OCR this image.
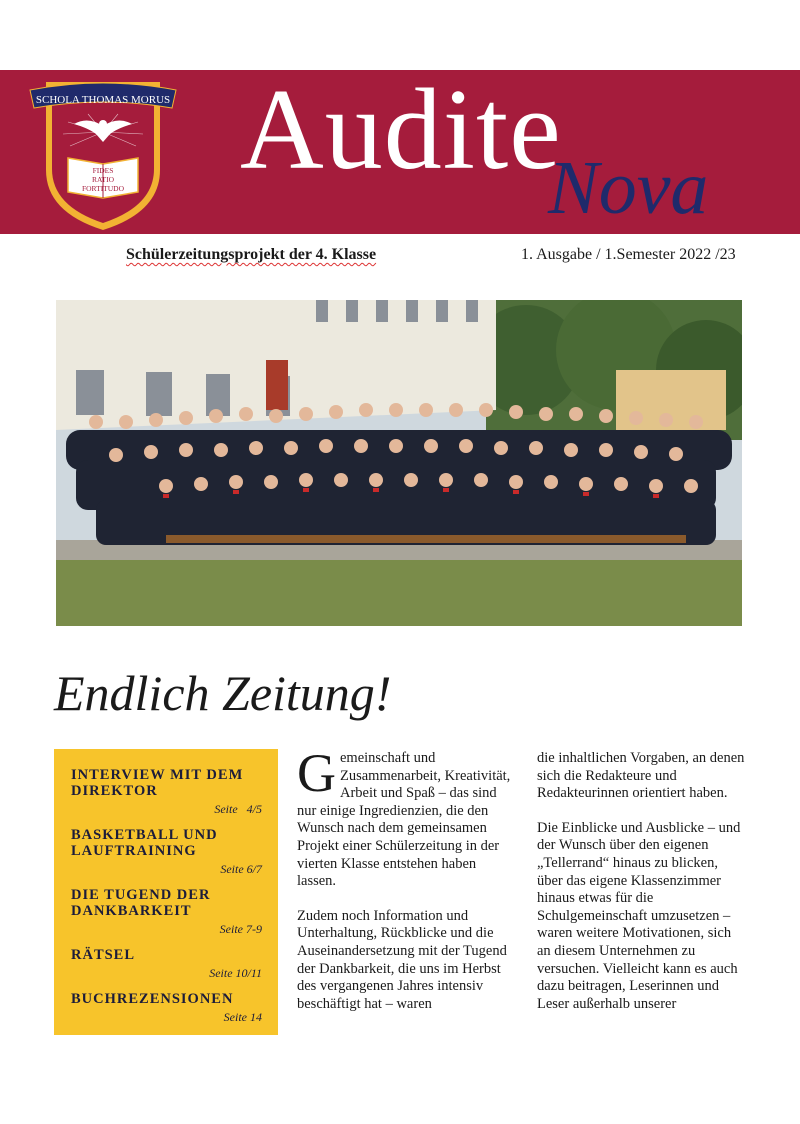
SCHOLA THOMAS MORUS
FIDES
RATIO
FORTITUDO Audite
Nova
Schülerzeitungsprojekt der 4. Klasse	1. Ausgabe / 1.Semester 2022 /23
Endlich Zeitung!
INTERVIEW MIT DEM DIREKTOR
Seite   4/5
BASKETBALL UND LAUFTRAINING
Seite 6/7
DIE TUGEND DER DANKBARKEIT
Seite 7-9
RÄTSEL
Seite 10/11
BUCHREZENSIONEN
Seite 14

Gemeinschaft und Zusammenarbeit, Kreativität, Arbeit und Spaß – das sind nur einige Ingredienzien, die den Wunsch nach dem gemeinsamen Projekt einer Schülerzeitung in der vierten Klasse entstehen haben lassen.

Zudem noch Information und Unterhaltung, Rückblicke und die Auseinandersetzung mit der Tugend der Dankbarkeit, die uns im Herbst des vergangenen Jahres intensiv beschäftigt hat – waren

die inhaltlichen Vorgaben, an denen sich die Redakteure und Redakteurinnen orientiert haben.

Die Einblicke und Ausblicke – und der Wunsch über den eigenen „Tellerrand“ hinaus zu blicken, über das eigene Klassenzimmer hinaus etwas für die Schulgemeinschaft umzusetzen – waren weitere Motivationen, sich an diesem Unternehmen zu versuchen. Vielleicht kann es auch dazu beitragen, Leserinnen und Leser außerhalb unserer
